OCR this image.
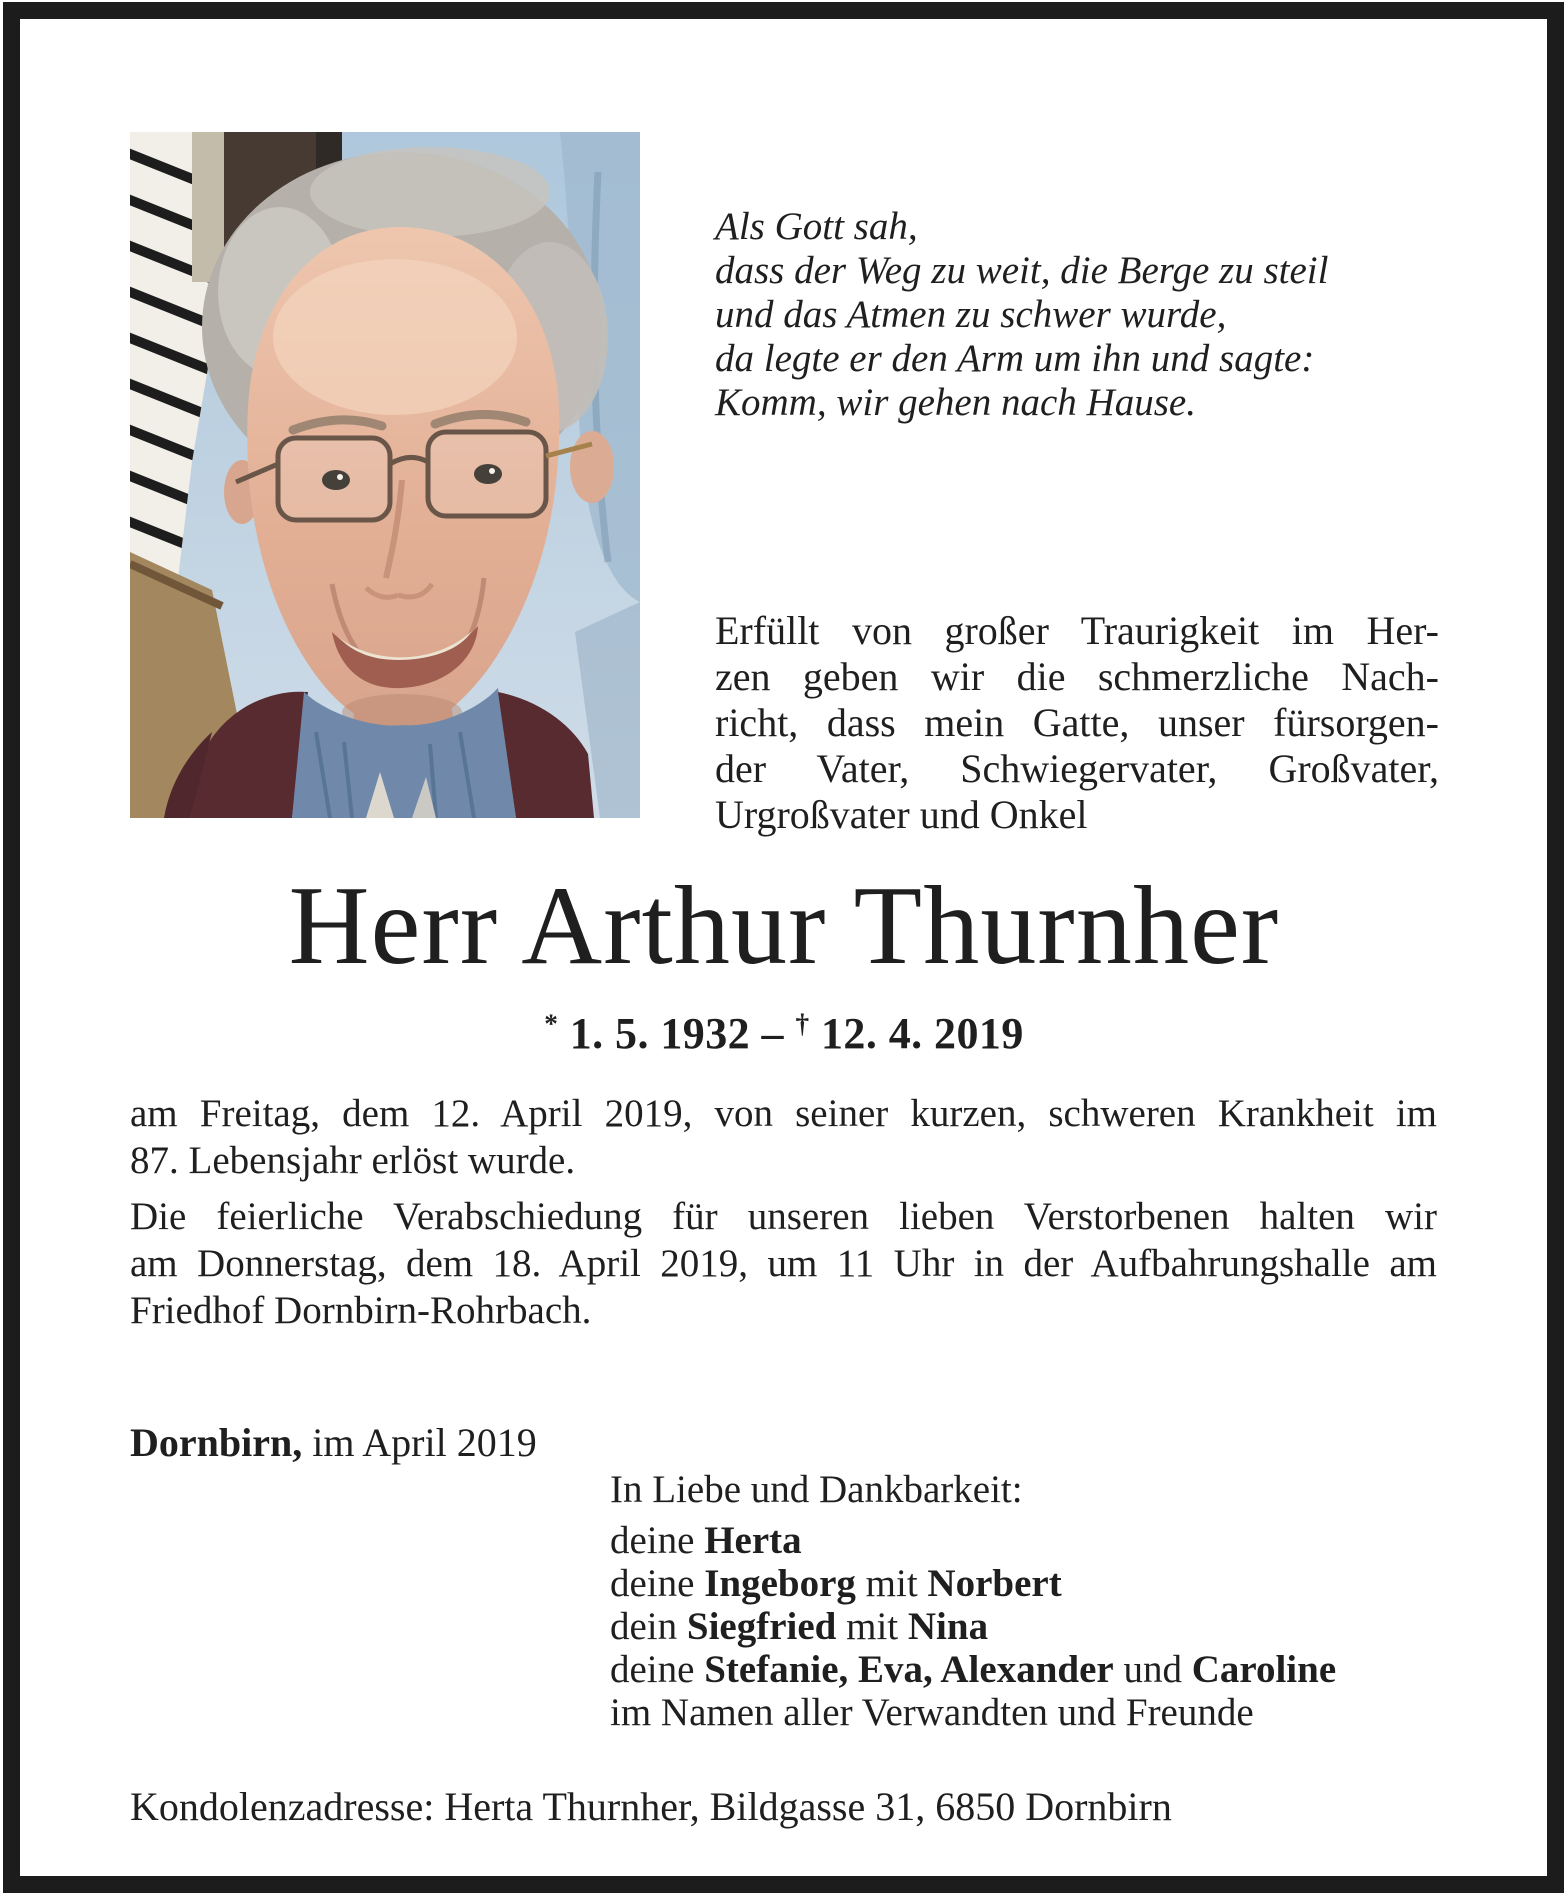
Als Gott sah,
dass der Weg zu weit, die Berge zu steil
und das Atmen zu schwer wurde,
da legte er den Arm um ihn und sagte:
Komm, wir gehen nach Hause.
Erfüllt von großer Traurigkeit im Her-
zen geben wir die schmerzliche Nach-
richt, dass mein Gatte, unser fürsorgen-
der Vater, Schwiegervater, Großvater,
Urgroßvater und Onkel
Herr Arthur Thurnher
* 1. 5. 1932 – † 12. 4. 2019
am Freitag, dem 12. April 2019, von seiner kurzen, schweren Krankheit im
87. Lebensjahr erlöst wurde.
Die feierliche Verabschiedung für unseren lieben Verstorbenen halten wir
am Donnerstag, dem 18. April 2019, um 11 Uhr in der Aufbahrungshalle am
Friedhof Dornbirn-Rohrbach.
Dornbirn, im April 2019
In Liebe und Dankbarkeit:
deine Herta
deine Ingeborg mit Norbert
dein Siegfried mit Nina
deine Stefanie, Eva, Alexander und Caroline
im Namen aller Verwandten und Freunde
Kondolenzadresse: Herta Thurnher, Bildgasse 31, 6850 Dornbirn
